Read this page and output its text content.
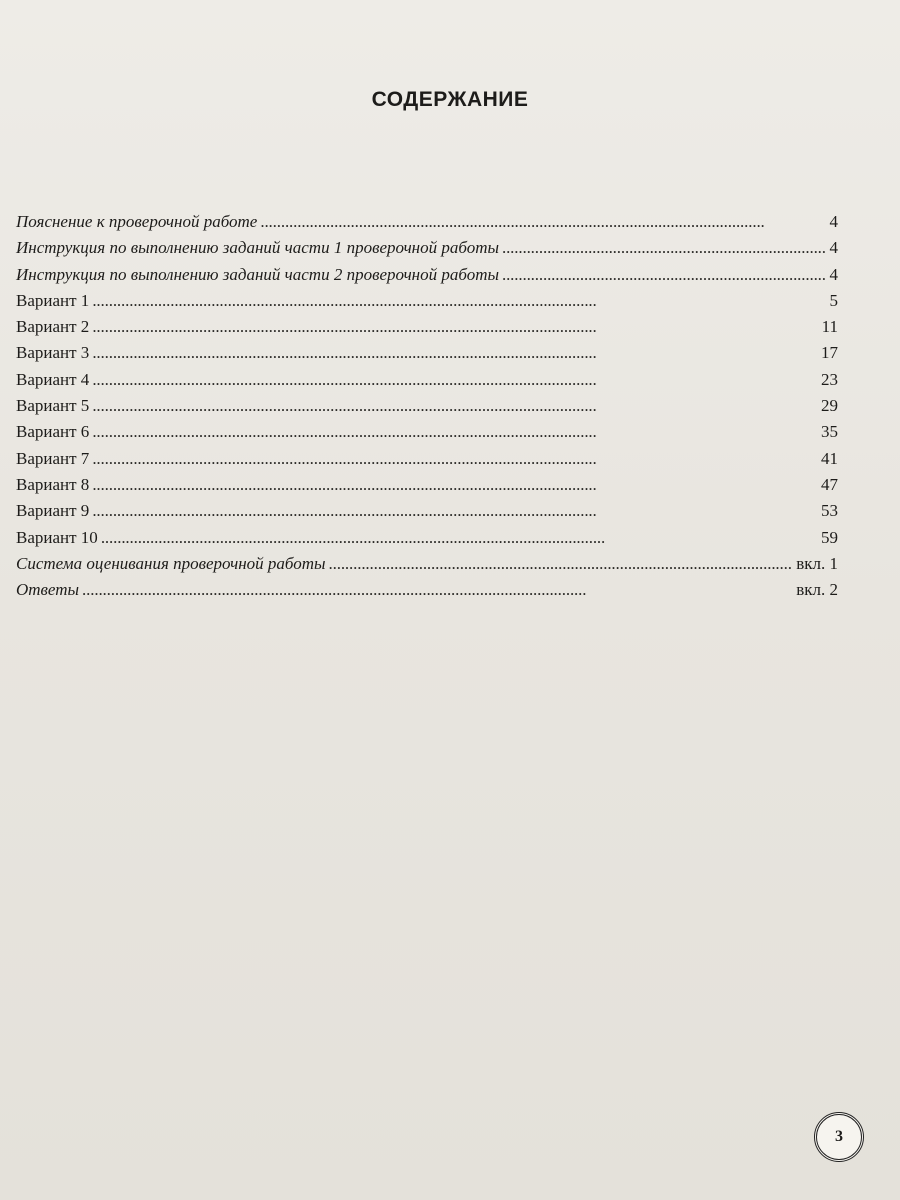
СОДЕРЖАНИЕ
Пояснение к проверочной работе . . .	4
Инструкция по выполнению заданий части 1 проверочной работы . . .	4
Инструкция по выполнению заданий части 2 проверочной работы . . .	4
Вариант 1 . . .	5
Вариант 2 . . .	11
Вариант 3 . . .	17
Вариант 4 . . .	23
Вариант 5 . . .	29
Вариант 6 . . .	35
Вариант 7 . . .	41
Вариант 8 . . .	47
Вариант 9 . . .	53
Вариант 10 . . .	59
Система оценивания проверочной работы . . .	вкл. 1
Ответы . . .	вкл. 2
3
